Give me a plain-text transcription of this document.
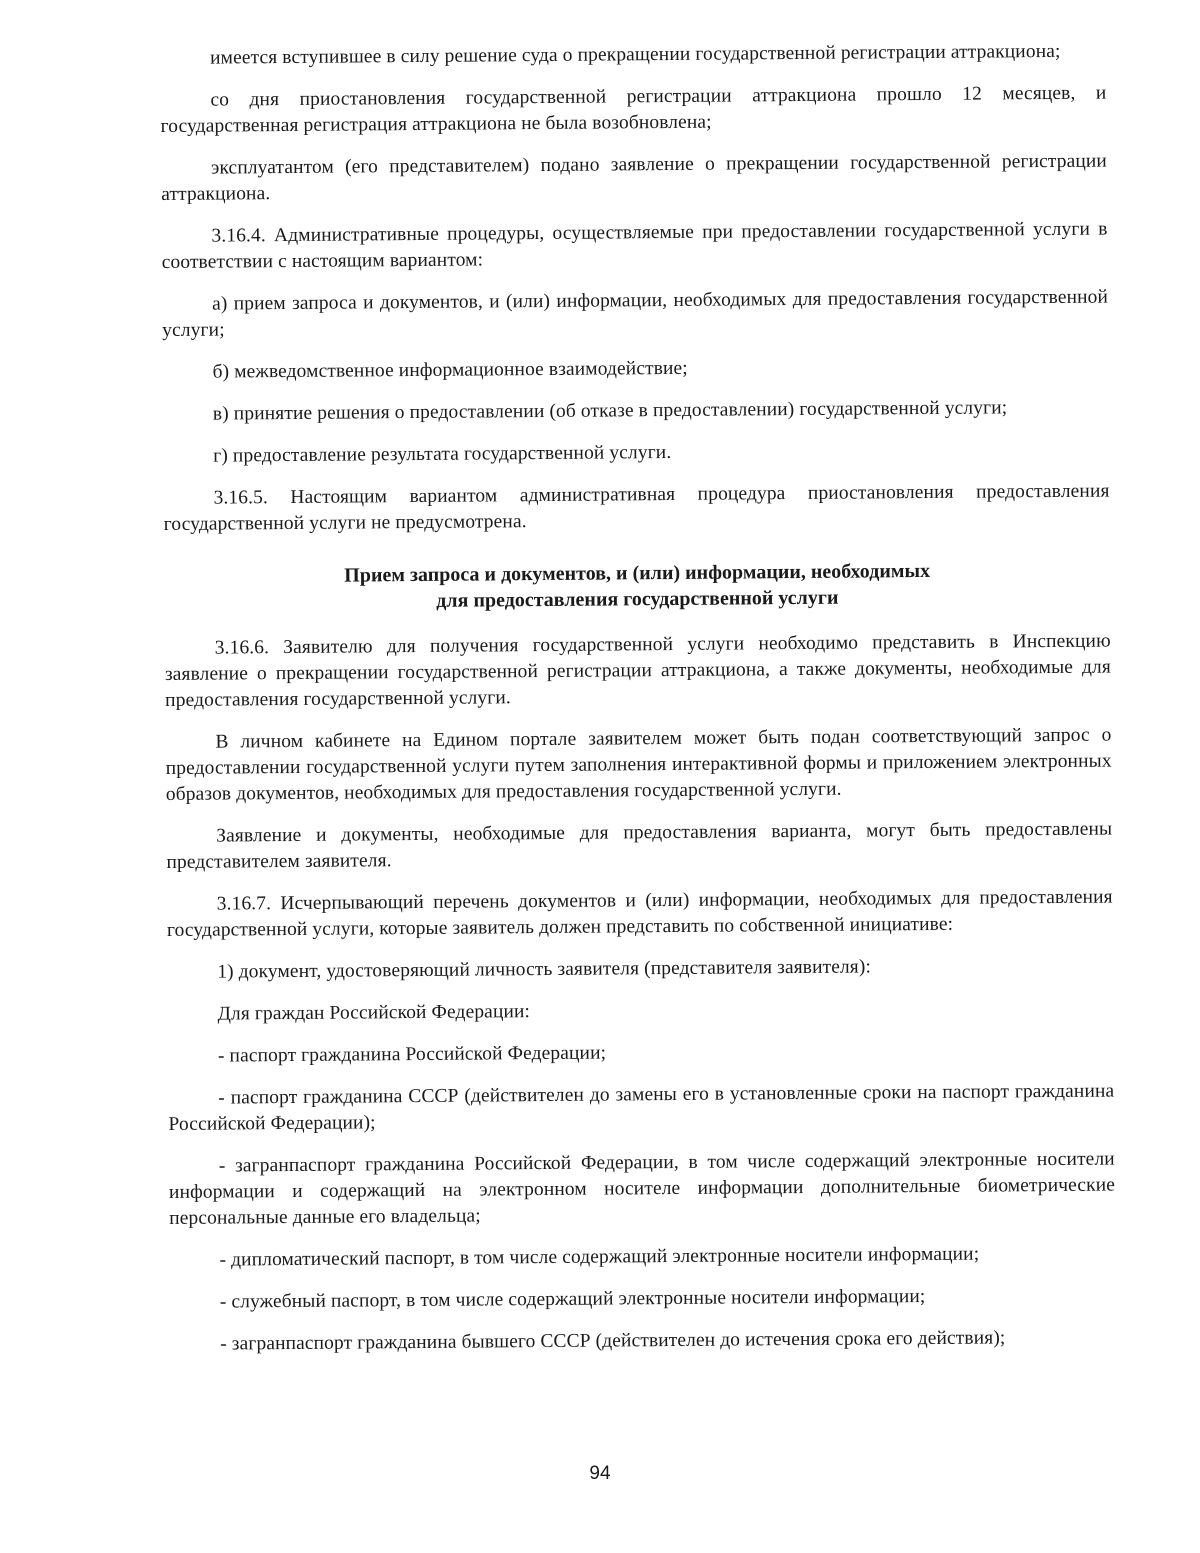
имеется вступившее в силу решение суда о прекращении государственной регистрации аттракциона;

со дня приостановления государственной регистрации аттракциона прошло 12 месяцев, и государственная регистрация аттракциона не была возобновлена;

эксплуатантом (его представителем) подано заявление о прекращении государственной регистрации аттракциона.

3.16.4. Административные процедуры, осуществляемые при предоставлении государственной услуги в соответствии с настоящим вариантом:

а) прием запроса и документов, и (или) информации, необходимых для предоставления государственной услуги;

б) межведомственное информационное взаимодействие;

в) принятие решения о предоставлении (об отказе в предоставлении) государственной услуги;

г) предоставление результата государственной услуги.

3.16.5. Настоящим вариантом административная процедура приостановления предоставления государственной услуги не предусмотрена.

Прием запроса и документов, и (или) информации, необходимых
для предоставления государственной услуги

3.16.6. Заявителю для получения государственной услуги необходимо представить в Инспекцию заявление о прекращении государственной регистрации аттракциона, а также документы, необходимые для предоставления государственной услуги.

В личном кабинете на Едином портале заявителем может быть подан соответствующий запрос о предоставлении государственной услуги путем заполнения интерактивной формы и приложением электронных образов документов, необходимых для предоставления государственной услуги.

Заявление и документы, необходимые для предоставления варианта, могут быть предоставлены представителем заявителя.

3.16.7. Исчерпывающий перечень документов и (или) информации, необходимых для предоставления государственной услуги, которые заявитель должен представить по собственной инициативе:

1) документ, удостоверяющий личность заявителя (представителя заявителя):

Для граждан Российской Федерации:

- паспорт гражданина Российской Федерации;

- паспорт гражданина СССР (действителен до замены его в установленные сроки на паспорт гражданина Российской Федерации);

- загранпаспорт гражданина Российской Федерации, в том числе содержащий электронные носители информации и содержащий на электронном носителе информации дополнительные биометрические персональные данные его владельца;

- дипломатический паспорт, в том числе содержащий электронные носители информации;

- служебный паспорт, в том числе содержащий электронные носители информации;

- загранпаспорт гражданина бывшего СССР (действителен до истечения срока его действия);

94
